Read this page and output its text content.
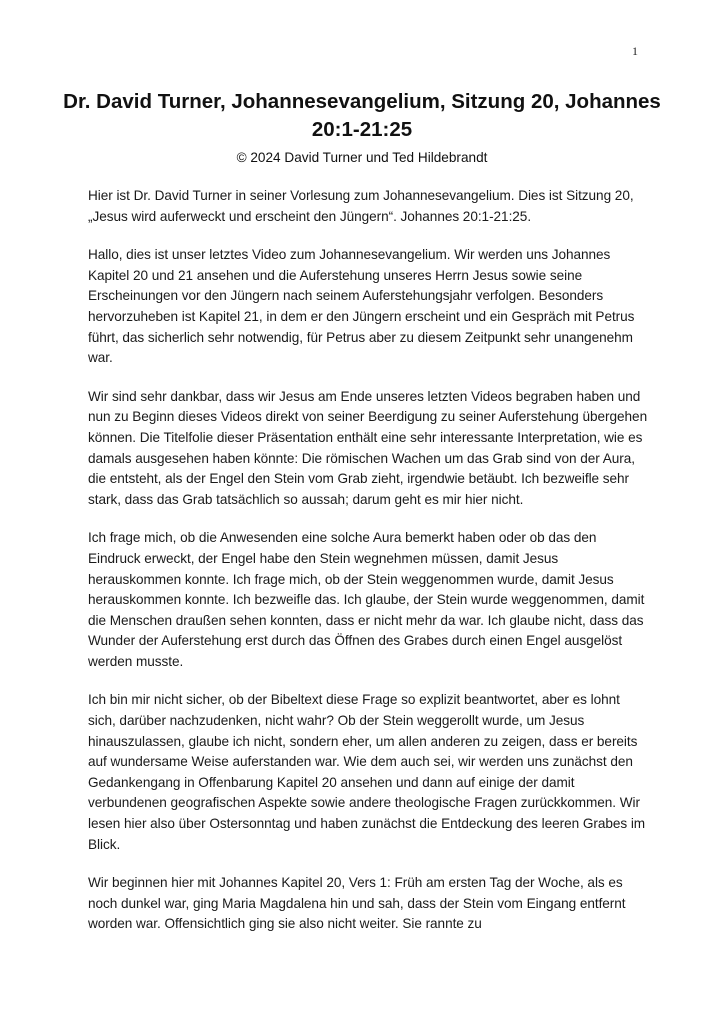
1
Dr. David Turner, Johannesevangelium, Sitzung 20, Johannes 20:1-21:25
© 2024 David Turner und Ted Hildebrandt

Hier ist Dr. David Turner in seiner Vorlesung zum Johannesevangelium. Dies ist Sitzung 20, „Jesus wird auferweckt und erscheint den Jüngern“. Johannes 20:1-21:25.

Hallo, dies ist unser letztes Video zum Johannesevangelium. Wir werden uns Johannes Kapitel 20 und 21 ansehen und die Auferstehung unseres Herrn Jesus sowie seine Erscheinungen vor den Jüngern nach seinem Auferstehungsjahr verfolgen. Besonders hervorzuheben ist Kapitel 21, in dem er den Jüngern erscheint und ein Gespräch mit Petrus führt, das sicherlich sehr notwendig, für Petrus aber zu diesem Zeitpunkt sehr unangenehm war.

Wir sind sehr dankbar, dass wir Jesus am Ende unseres letzten Videos begraben haben und nun zu Beginn dieses Videos direkt von seiner Beerdigung zu seiner Auferstehung übergehen können. Die Titelfolie dieser Präsentation enthält eine sehr interessante Interpretation, wie es damals ausgesehen haben könnte: Die römischen Wachen um das Grab sind von der Aura, die entsteht, als der Engel den Stein vom Grab zieht, irgendwie betäubt. Ich bezweifle sehr stark, dass das Grab tatsächlich so aussah; darum geht es mir hier nicht.

Ich frage mich, ob die Anwesenden eine solche Aura bemerkt haben oder ob das den Eindruck erweckt, der Engel habe den Stein wegnehmen müssen, damit Jesus herauskommen konnte. Ich frage mich, ob der Stein weggenommen wurde, damit Jesus herauskommen konnte. Ich bezweifle das. Ich glaube, der Stein wurde weggenommen, damit die Menschen draußen sehen konnten, dass er nicht mehr da war. Ich glaube nicht, dass das Wunder der Auferstehung erst durch das Öffnen des Grabes durch einen Engel ausgelöst werden musste.

Ich bin mir nicht sicher, ob der Bibeltext diese Frage so explizit beantwortet, aber es lohnt sich, darüber nachzudenken, nicht wahr? Ob der Stein weggerollt wurde, um Jesus hinauszulassen, glaube ich nicht, sondern eher, um allen anderen zu zeigen, dass er bereits auf wundersame Weise auferstanden war. Wie dem auch sei, wir werden uns zunächst den Gedankengang in Offenbarung Kapitel 20 ansehen und dann auf einige der damit verbundenen geografischen Aspekte sowie andere theologische Fragen zurückkommen. Wir lesen hier also über Ostersonntag und haben zunächst die Entdeckung des leeren Grabes im Blick.

Wir beginnen hier mit Johannes Kapitel 20, Vers 1: Früh am ersten Tag der Woche, als es noch dunkel war, ging Maria Magdalena hin und sah, dass der Stein vom Eingang entfernt worden war. Offensichtlich ging sie also nicht weiter. Sie rannte zu
